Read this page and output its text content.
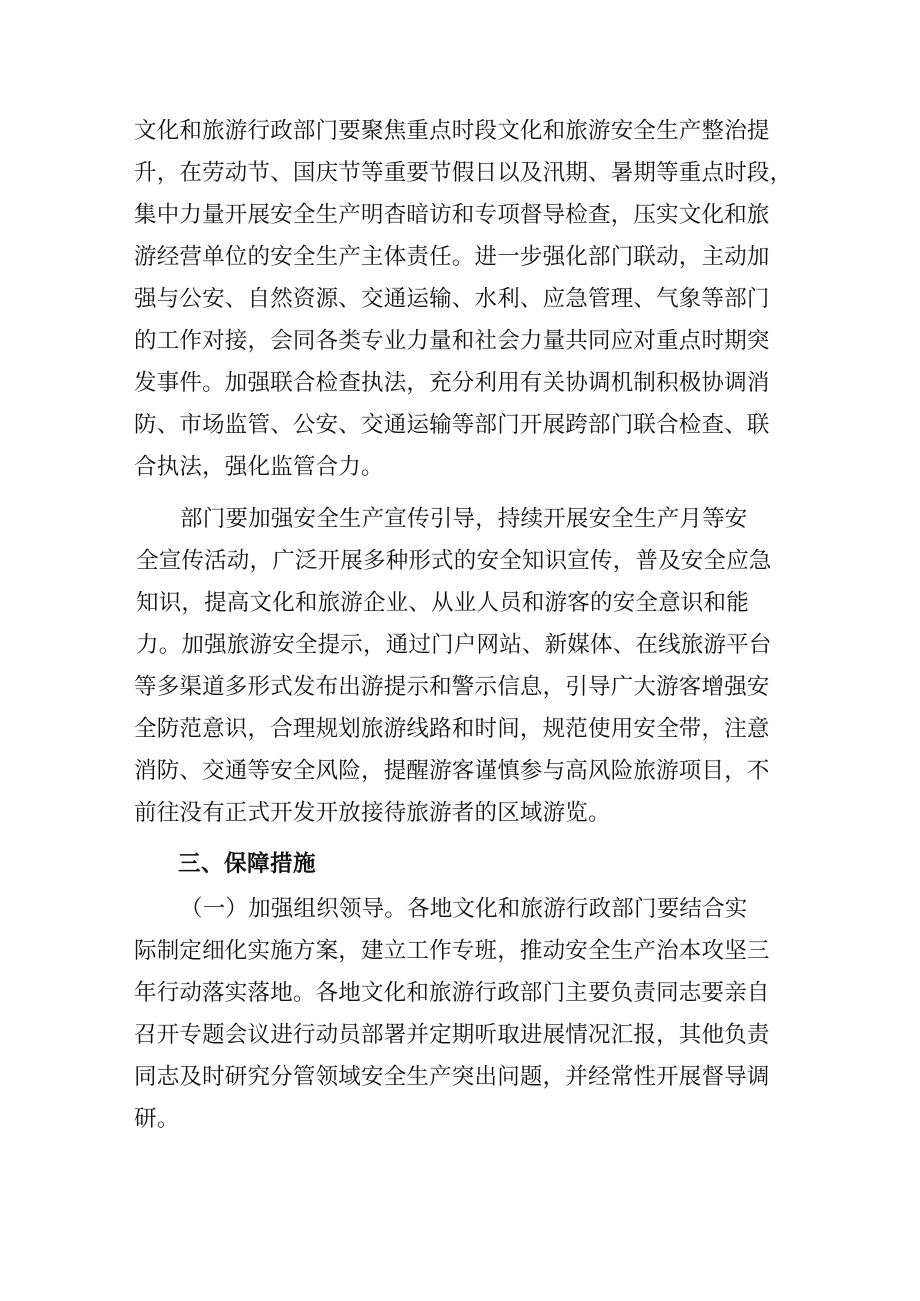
文化和旅游行政部门要聚焦重点时段文化和旅游安全生产整治提
升，在劳动节、国庆节等重要节假日以及汛期、暑期等重点时段，
集中力量开展安全生产明杳暗访和专项督导检查，压实文化和旅
游经营单位的安全生产主体责任。进一步强化部门联动，主动加
强与公安、自然资源、交通运输、水利、应急管理、气象等部门
的工作对接，会同各类专业力量和社会力量共同应对重点时期突
发事件。加强联合检查执法，充分利用有关协调机制积极协调消
防、市场监管、公安、交通运输等部门开展跨部门联合检查、联
合执法，强化监管合力。
部门要加强安全生产宣传引导，持续开展安全生产月等安
全宣传活动，广泛开展多种形式的安全知识宣传，普及安全应急
知识，提高文化和旅游企业、从业人员和游客的安全意识和能
力。加强旅游安全提示，通过门户网站、新媒体、在线旅游平台
等多渠道多形式发布出游提示和警示信息，引导广大游客增强安
全防范意识，合理规划旅游线路和时间，规范使用安全带，注意
消防、交通等安全风险，提醒游客谨慎参与高风险旅游项目，不
前往没有正式开发开放接待旅游者的区域游览。
三、保障措施
（一）加强组织领导。各地文化和旅游行政部门要结合实
际制定细化实施方案，建立工作专班，推动安全生产治本攻坚三
年行动落实落地。各地文化和旅游行政部门主要负责同志要亲自
召开专题会议进行动员部署并定期听取进展情况汇报，其他负责
同志及时研究分管领域安全生产突出问题，并经常性开展督导调
研。
